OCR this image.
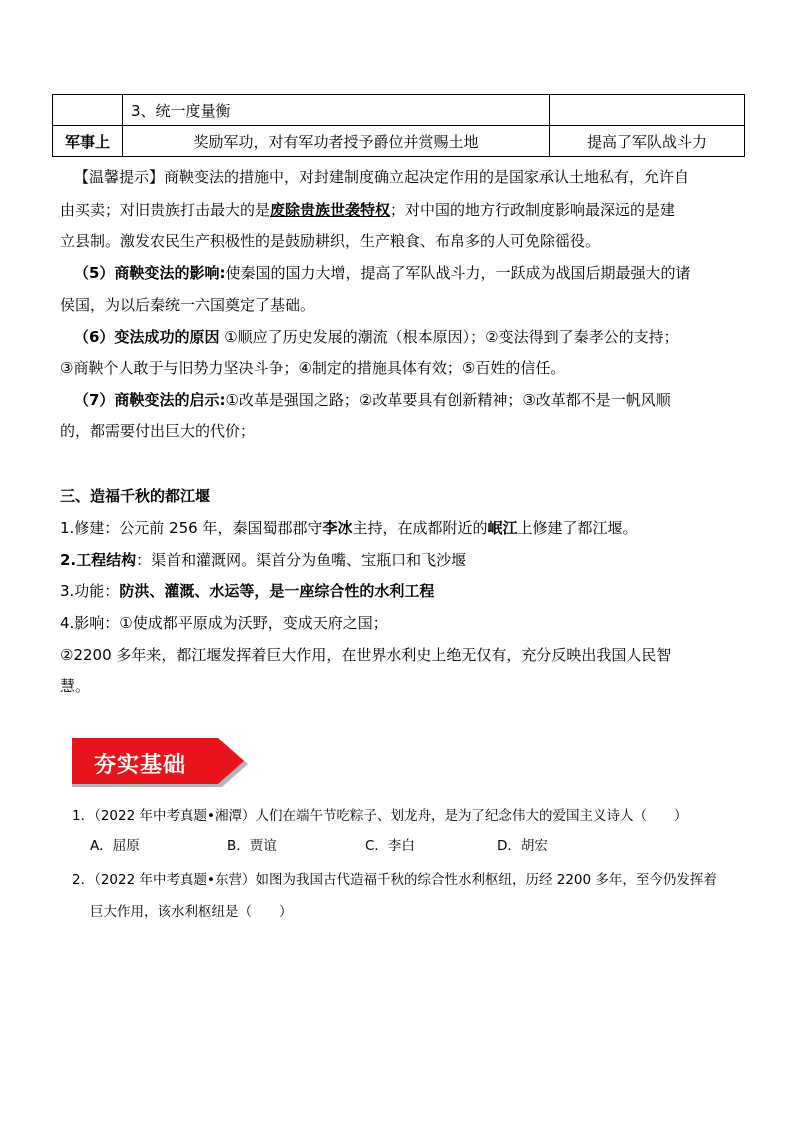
	3、统一度量衡	
军事上	奖励军功，对有军功者授予爵位并赏赐土地	提高了军队战斗力
【温馨提示】商鞅变法的措施中，对封建制度确立起决定作用的是国家承认土地私有，允许自
由买卖；对旧贵族打击最大的是废除贵族世袭特权；对中国的地方行政制度影响最深远的是建
立县制。激发农民生产积极性的是鼓励耕织，生产粮食、布帛多的人可免除徭役。
（5）商鞅变法的影响:使秦国的国力大增，提高了军队战斗力，一跃成为战国后期最强大的诸
侯国，为以后秦统一六国奠定了基础。
（6）变法成功的原因 ①顺应了历史发展的潮流（根本原因）；②变法得到了秦孝公的支持；
③商鞅个人敢于与旧势力坚决斗争；④制定的措施具体有效；⑤百姓的信任。
（7）商鞅变法的启示:①改革是强国之路；②改革要具有创新精神；③改革都不是一帆风顺
的，都需要付出巨大的代价；
三、造福千秋的都江堰
1.修建：公元前 256 年，秦国蜀郡郡守李冰主持，在成都附近的岷江上修建了都江堰。
2.工程结构：渠首和灌溉网。渠首分为鱼嘴、宝瓶口和飞沙堰
3.功能：防洪、灌溉、水运等，是一座综合性的水利工程
4.影响：①使成都平原成为沃野，变成天府之国；
②2200 多年来，都江堰发挥着巨大作用，在世界水利史上绝无仅有，充分反映出我国人民智
慧。
夯实基础
1．（2022 年中考真题•湘潭）人们在端午节吃粽子、划龙舟，是为了纪念伟大的爱国主义诗人（　　）
A．屈原	B．贾谊	C．李白	D．胡宏
2．（2022 年中考真题•东营）如图为我国古代造福千秋的综合性水利枢纽，历经 2200 多年，至今仍发挥着
巨大作用，该水利枢纽是（　　）
